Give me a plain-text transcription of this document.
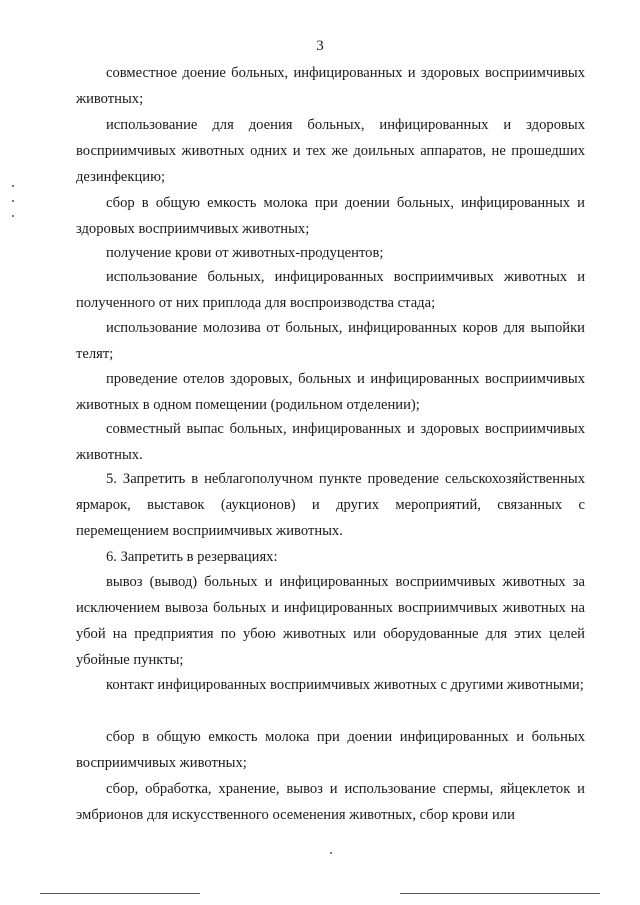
3

совместное доение больных, инфицированных и здоровых восприимчивых животных;

использование для доения больных, инфицированных и здоровых восприимчивых животных одних и тех же доильных аппаратов, не прошедших дезинфекцию;

сбор в общую емкость молока при доении больных, инфицированных и здоровых восприимчивых животных;

получение крови от животных-продуцентов;

использование больных, инфицированных восприимчивых животных и полученного от них приплода для воспроизводства стада;

использование молозива от больных, инфицированных коров для выпойки телят;

проведение отелов здоровых, больных и инфицированных восприимчивых животных в одном помещении (родильном отделении);

совместный выпас больных, инфицированных и здоровых восприимчивых животных.

5. Запретить в неблагополучном пункте проведение сельскохозяйственных ярмарок, выставок (аукционов) и других мероприятий, связанных с перемещением восприимчивых животных.

6. Запретить в резервациях:

вывоз (вывод) больных и инфицированных восприимчивых животных за исключением вывоза больных и инфицированных восприимчивых животных на убой на предприятия по убою животных или оборудованные для этих целей убойные пункты;

контакт инфицированных восприимчивых животных с другими животными;

сбор в общую емкость молока при доении инфицированных и больных восприимчивых животных;

сбор, обработка, хранение, вывоз и использование спермы, яйцеклеток и эмбрионов для искусственного осеменения животных, сбор крови или
